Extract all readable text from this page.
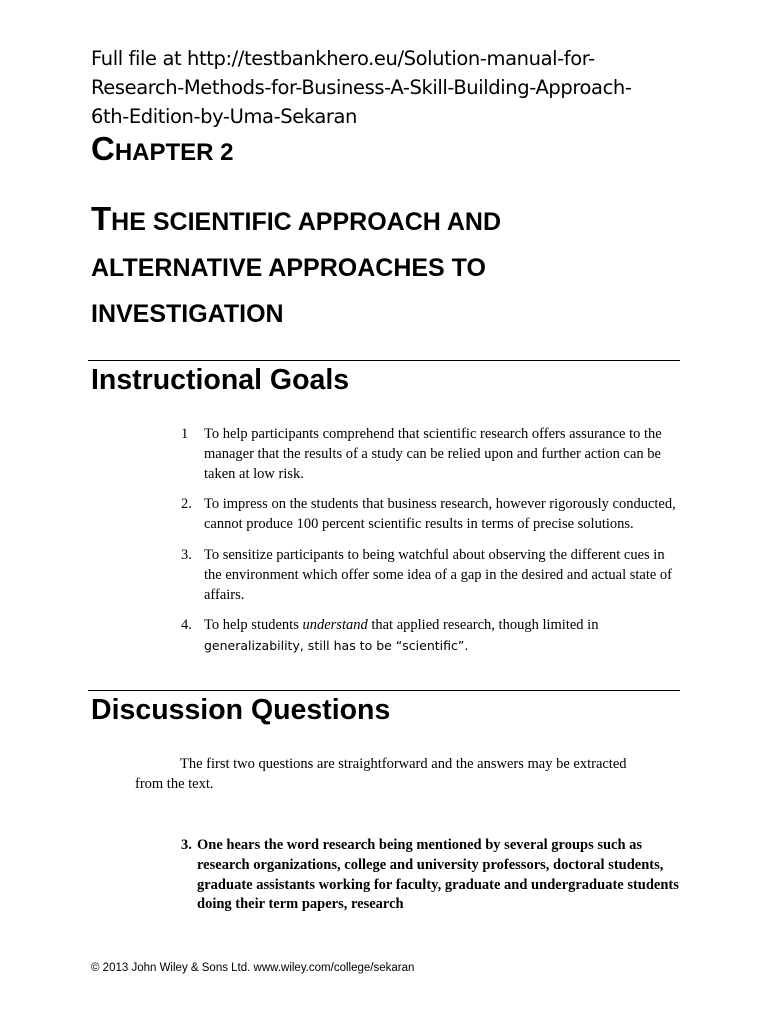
Full file at http://testbankhero.eu/Solution-manual-for-
Research-Methods-for-Business-A-Skill-Building-Approach-
6th-Edition-by-Uma-Sekaran
CHAPTER 2
THE SCIENTIFIC APPROACH AND
ALTERNATIVE APPROACHES TO
INVESTIGATION
Instructional Goals
1	To help participants comprehend that scientific research offers assurance to the manager that the results of a study can be relied upon and further action can be taken at low risk.
2. To impress on the students that business research, however rigorously conducted, cannot produce 100 percent scientific results in terms of precise solutions.
3. To sensitize participants to being watchful about observing the different cues in the environment which offer some idea of a gap in the desired and actual state of affairs.
4. To help students understand that applied research, though limited in
generalizability, still has to be “scientific”.
Discussion Questions
The first two questions are straightforward and the answers may be extracted from the text.
3. One hears the word research being mentioned by several groups such as research organizations, college and university professors, doctoral students, graduate assistants working for faculty, graduate and undergraduate students doing their term papers, research
© 2013 John Wiley & Sons Ltd. www.wiley.com/college/sekaran
